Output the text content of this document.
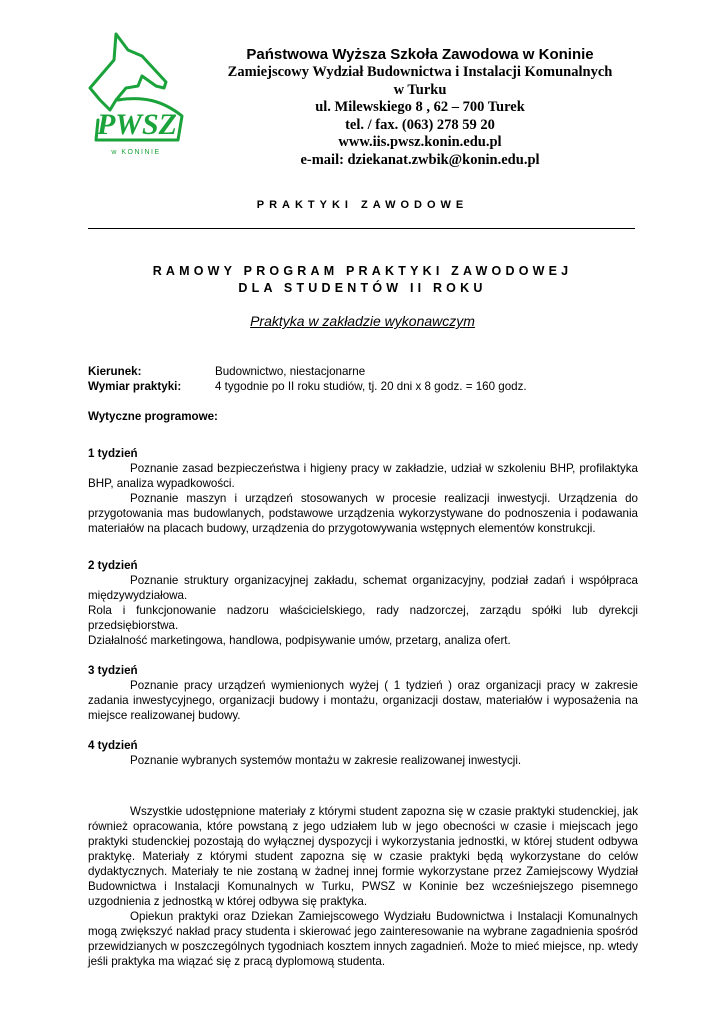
PWSZ
w KONINIE
Państwowa Wyższa Szkoła Zawodowa w Koninie
Zamiejscowy Wydział Budownictwa i Instalacji Komunalnych
w Turku
ul. Milewskiego 8 , 62 – 700 Turek
tel. / fax. (063) 278 59 20
www.iis.pwsz.konin.edu.pl
e-mail: dziekanat.zwbik@konin.edu.pl
PRAKTYKI ZAWODOWE
RAMOWY PROGRAM PRAKTYKI ZAWODOWEJ
DLA STUDENTÓW II ROKU
Praktyka w zakładzie wykonawczym
Kierunek:	Budownictwo, niestacjonarne
Wymiar praktyki:	4 tygodnie po II roku studiów, tj. 20 dni x 8 godz. = 160 godz.
Wytyczne programowe:
1 tydzień
Poznanie zasad bezpieczeństwa i higieny pracy w zakładzie, udział w szkoleniu BHP, profilaktyka BHP, analiza wypadkowości.
Poznanie maszyn i urządzeń stosowanych w procesie realizacji inwestycji. Urządzenia do przygotowania mas budowlanych, podstawowe urządzenia wykorzystywane do podnoszenia i podawania materiałów na placach budowy, urządzenia do przygotowywania wstępnych elementów konstrukcji.
2 tydzień
Poznanie struktury organizacyjnej zakładu, schemat organizacyjny, podział zadań i współpraca międzywydziałowa.
Rola i funkcjonowanie nadzoru właścicielskiego, rady nadzorczej, zarządu spółki lub dyrekcji przedsiębiorstwa.
Działalność marketingowa, handlowa, podpisywanie umów, przetarg, analiza ofert.
3 tydzień
Poznanie pracy urządzeń wymienionych wyżej ( 1 tydzień ) oraz organizacji pracy w zakresie zadania inwestycyjnego, organizacji budowy i montażu, organizacji dostaw, materiałów i wyposażenia na miejsce realizowanej budowy.
4 tydzień
Poznanie wybranych systemów montażu w zakresie realizowanej inwestycji.
Wszystkie udostępnione materiały z którymi student zapozna się w czasie praktyki studenckiej, jak również opracowania, które powstaną z jego udziałem lub w jego obecności w czasie i miejscach jego praktyki studenckiej pozostają do wyłącznej dyspozycji i wykorzystania jednostki, w której student odbywa praktykę. Materiały z którymi student zapozna się w czasie praktyki będą wykorzystane do celów dydaktycznych. Materiały te nie zostaną w żadnej innej formie wykorzystane przez Zamiejscowy Wydział Budownictwa i Instalacji Komunalnych w Turku, PWSZ w Koninie bez wcześniejszego pisemnego uzgodnienia z jednostką w której odbywa się praktyka.
Opiekun praktyki oraz Dziekan Zamiejscowego Wydziału Budownictwa i Instalacji Komunalnych mogą zwiększyć nakład pracy studenta i skierować jego zainteresowanie na wybrane zagadnienia spośród przewidzianych w poszczególnych tygodniach kosztem innych zagadnień. Może to mieć miejsce, np. wtedy jeśli praktyka ma wiązać się z pracą dyplomową studenta.
